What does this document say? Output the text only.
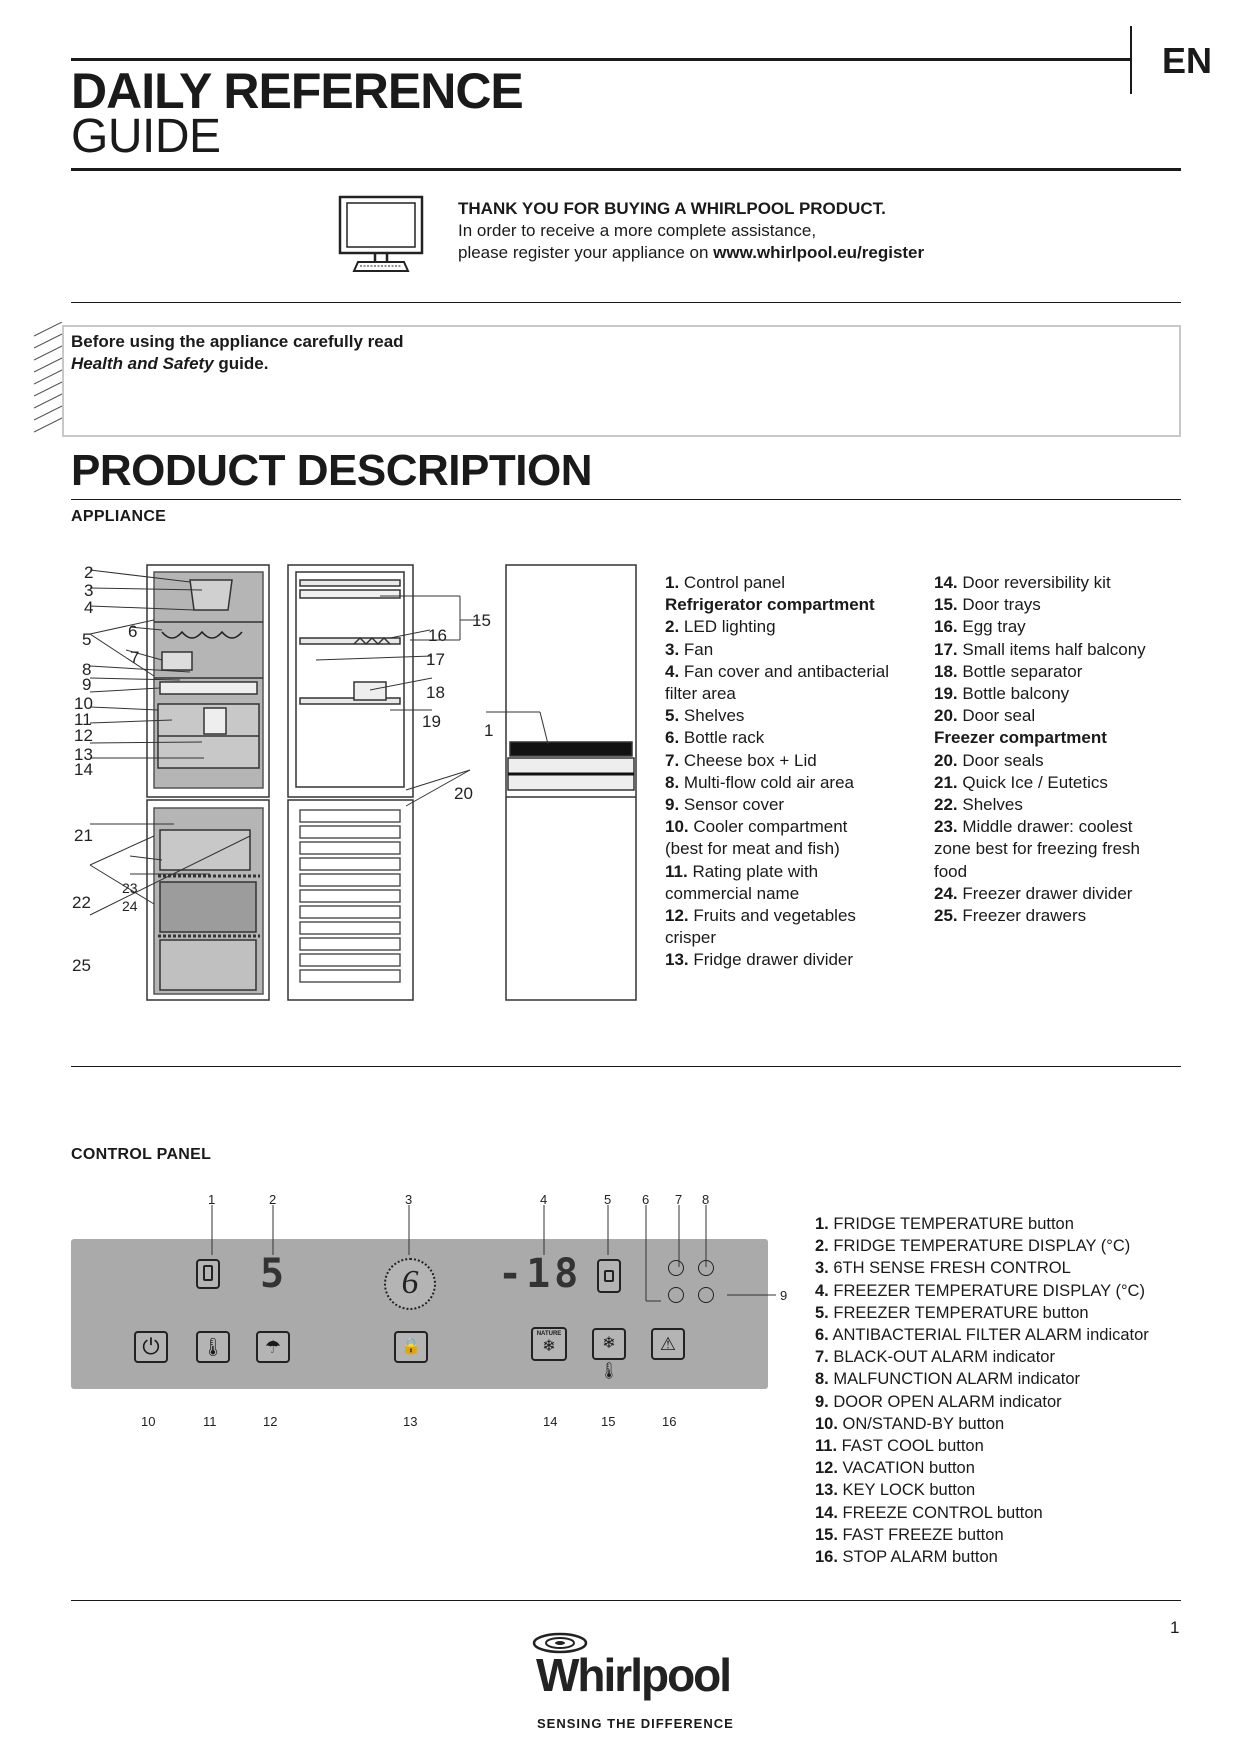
EN
DAILY REFERENCE
GUIDE
THANK YOU FOR BUYING A WHIRLPOOL PRODUCT.
In order to receive a more complete assistance,
please register your appliance on www.whirlpool.eu/register
Before using the appliance carefully read
Health and Safety guide.
PRODUCT DESCRIPTION
APPLIANCE
2
3
4
5 6
7
8
9
10
11
12
13
14
21
22
23
24
25
15
16
17
18
19
20
1
1. Control panel
Refrigerator compartment
2. LED lighting
3. Fan
4. Fan cover and antibacterial
filter area
5. Shelves
6. Bottle rack
7. Cheese box + Lid
8. Multi-flow cold air area
9. Sensor cover
10. Cooler compartment
(best for meat and fish)
11. Rating plate with
commercial name
12. Fruits and vegetables
crisper
13. Fridge drawer divider
14. Door reversibility kit
15. Door trays
16. Egg tray
17. Small items half balcony
18. Bottle separator
19. Bottle balcony
20. Door seal
Freezer compartment
20. Door seals
21. Quick Ice / Eutetics
22. Shelves
23. Middle drawer: coolest
zone best for freezing fresh
food
24. Freezer drawer divider
25. Freezer drawers
CONTROL PANEL
1	2	3	4	5 6 7 8
9
5	6	-18
⏻	🌡	☂	🔒
NATURE
❄	❄🌡
⚠
10	11	12	13	14	15	16
1. FRIDGE TEMPERATURE button
2. FRIDGE TEMPERATURE DISPLAY (°C)
3. 6TH SENSE FRESH CONTROL
4. FREEZER TEMPERATURE DISPLAY (°C)
5. FREEZER TEMPERATURE button
6. ANTIBACTERIAL FILTER ALARM indicator
7. BLACK-OUT ALARM indicator
8. MALFUNCTION ALARM indicator
9. DOOR OPEN ALARM indicator
10. ON/STAND-BY button
11. FAST COOL button
12. VACATION button
13. KEY LOCK button
14. FREEZE CONTROL button
15. FAST FREEZE button
16. STOP ALARM button
1
Whirlpool
SENSING THE DIFFERENCE
